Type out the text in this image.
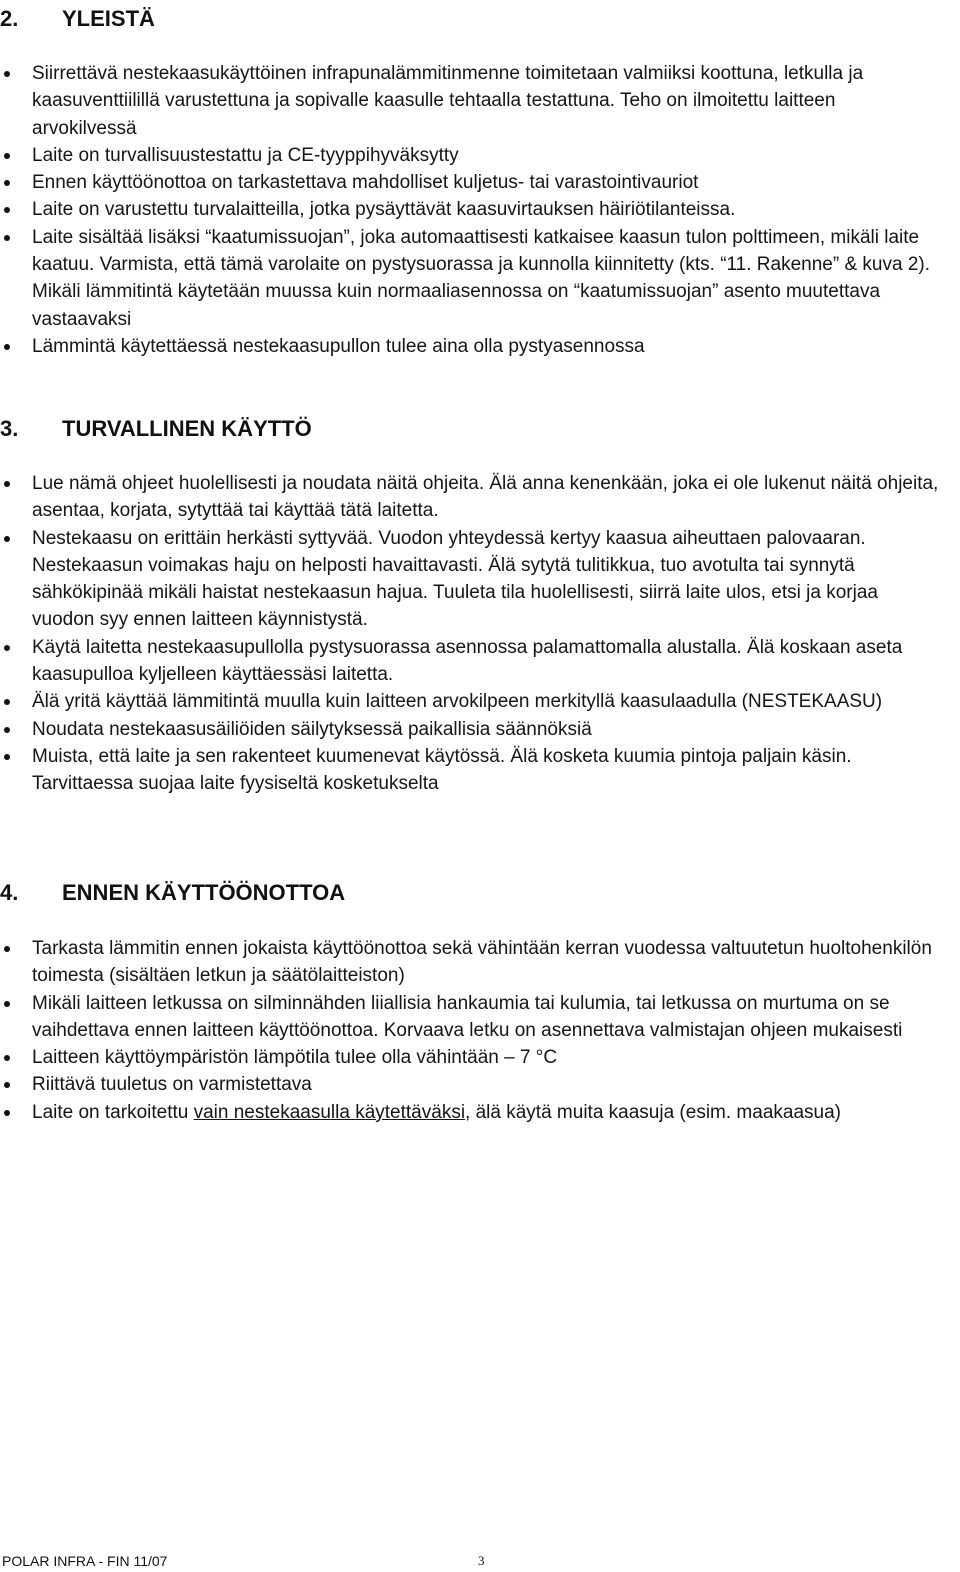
2. YLEISTÄ
Siirrettävä nestekaasukäyttöinen infrapunalämmitinmenne toimitetaan valmiiksi koottuna, letkulla ja kaasuventtiilillä varustettuna ja sopivalle kaasulle tehtaalla testattuna. Teho on ilmoitettu laitteen arvokilvessä
Laite on turvallisuustestattu ja CE-tyyppihyväksytty
Ennen käyttöönottoa on tarkastettava mahdolliset kuljetus- tai varastointivauriot
Laite on varustettu turvalaitteilla, jotka pysäyttävät kaasuvirtauksen häiriötilanteissa.
Laite sisältää lisäksi “kaatumissuojan”, joka automaattisesti katkaisee kaasun tulon polttimeen, mikäli laite kaatuu. Varmista, että tämä varolaite on pystysuorassa ja kunnolla kiinnitetty (kts. “11. Rakenne” & kuva 2). Mikäli lämmitintä käytetään muussa kuin normaaliasennossa on “kaatumissuojan” asento muutettava vastaavaksi
Lämmintä käytettäessä nestekaasupullon tulee aina olla pystyasennossa
3. TURVALLINEN KÄYTTÖ
Lue nämä ohjeet huolellisesti ja noudata näitä ohjeita. Älä anna kenenkään, joka ei ole lukenut näitä ohjeita, asentaa, korjata, sytyttää tai käyttää tätä laitetta.
Nestekaasu on erittäin herkästi syttyvää. Vuodon yhteydessä kertyy kaasua aiheuttaen palovaaran. Nestekaasun voimakas haju on helposti havaittavasti. Älä sytytä tulitikkua, tuo avotulta tai synnytä sähkökipinää mikäli haistat nestekaasun hajua. Tuuleta tila huolellisesti, siirrä laite ulos, etsi ja korjaa vuodon syy ennen laitteen käynnistystä.
Käytä laitetta nestekaasupullolla pystysuorassa asennossa palamattomalla alustalla. Älä koskaan aseta kaasupulloa kyljelleen käyttäessäsi laitetta.
Älä yritä käyttää lämmitintä muulla kuin laitteen arvokilpeen merkityllä kaasulaadulla (NESTEKAASU)
Noudata nestekaasusäiliöiden säilytyksessä paikallisia säännöksiä
Muista, että laite ja sen rakenteet kuumenevat käytössä. Älä kosketa kuumia pintoja paljain käsin. Tarvittaessa suojaa laite fyysiseltä kosketukselta
4. ENNEN KÄYTTÖÖNOTTOA
Tarkasta lämmitin ennen jokaista käyttöönottoa sekä vähintään kerran vuodessa valtuutetun huoltohenkilön toimesta (sisältäen letkun ja säätölaitteiston)
Mikäli laitteen letkussa on silminnähden liiallisia hankaumia tai kulumia, tai letkussa on murtuma on se vaihdettava ennen laitteen käyttöönottoa. Korvaava letku on asennettava valmistajan ohjeen mukaisesti
Laitteen käyttöympäristön lämpötila tulee olla vähintään – 7 °C
Riittävä tuuletus on varmistettava
Laite on tarkoitettu vain nestekaasulla käytettäväksi, älä käytä muita kaasuja (esim. maakaasua)
POLAR INFRA - FIN 11/07	3
